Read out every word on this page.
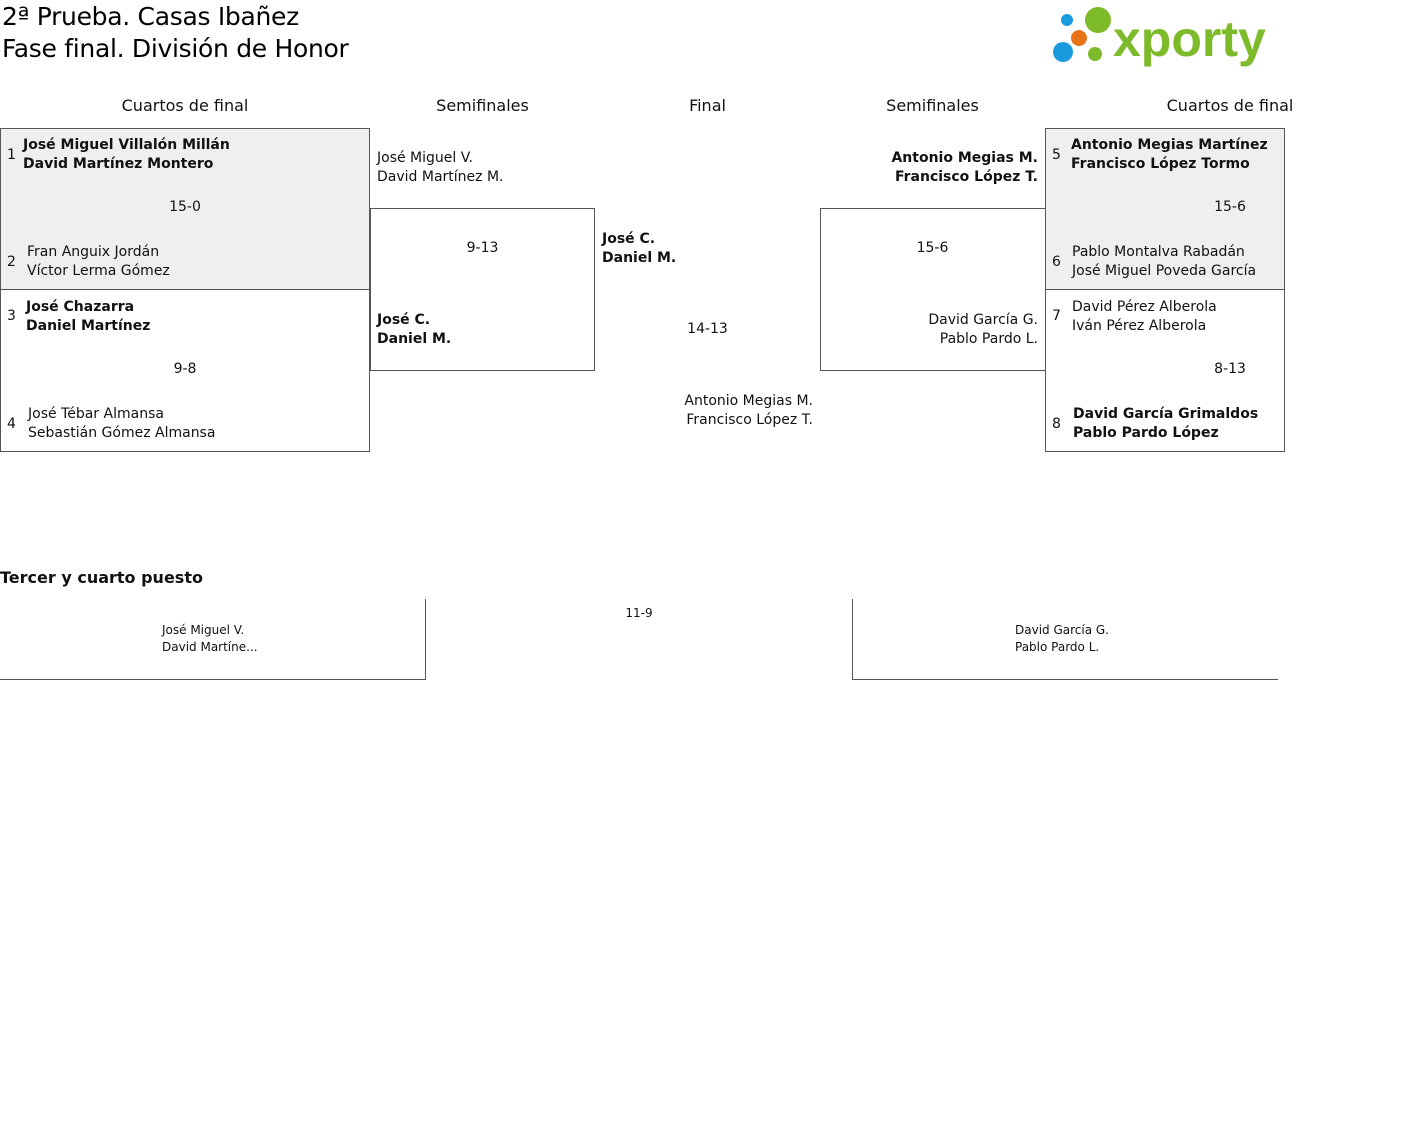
2ª Prueba. Casas Ibañez
Fase final. División de Honor	xporty
Cuartos de final	Semifinales	Final	Semifinales	Cuartos de final
1
José Miguel Villalón Millán
David Martínez Montero
15-0
2
Fran Anguix Jordán
Víctor Lerma Gómez
3
José Chazarra
Daniel Martínez
9-8
4
José Tébar Almansa
Sebastián Gómez Almansa
José Miguel V.
David Martínez M.
9-13
José C.
Daniel M.
José C.
Daniel M.
14-13
Antonio Megias M.
Francisco López T.
Antonio Megias M.
Francisco López T.
15-6
David García G.
Pablo Pardo L.
5
Antonio Megias Martínez
Francisco López Tormo
15-6
6
Pablo Montalva Rabadán
José Miguel Poveda García
7
David Pérez Alberola
Iván Pérez Alberola
8-13
8
David García Grimaldos
Pablo Pardo López
Tercer y cuarto puesto
José Miguel V.
David Martíne...
11-9
David García G.
Pablo Pardo L.
